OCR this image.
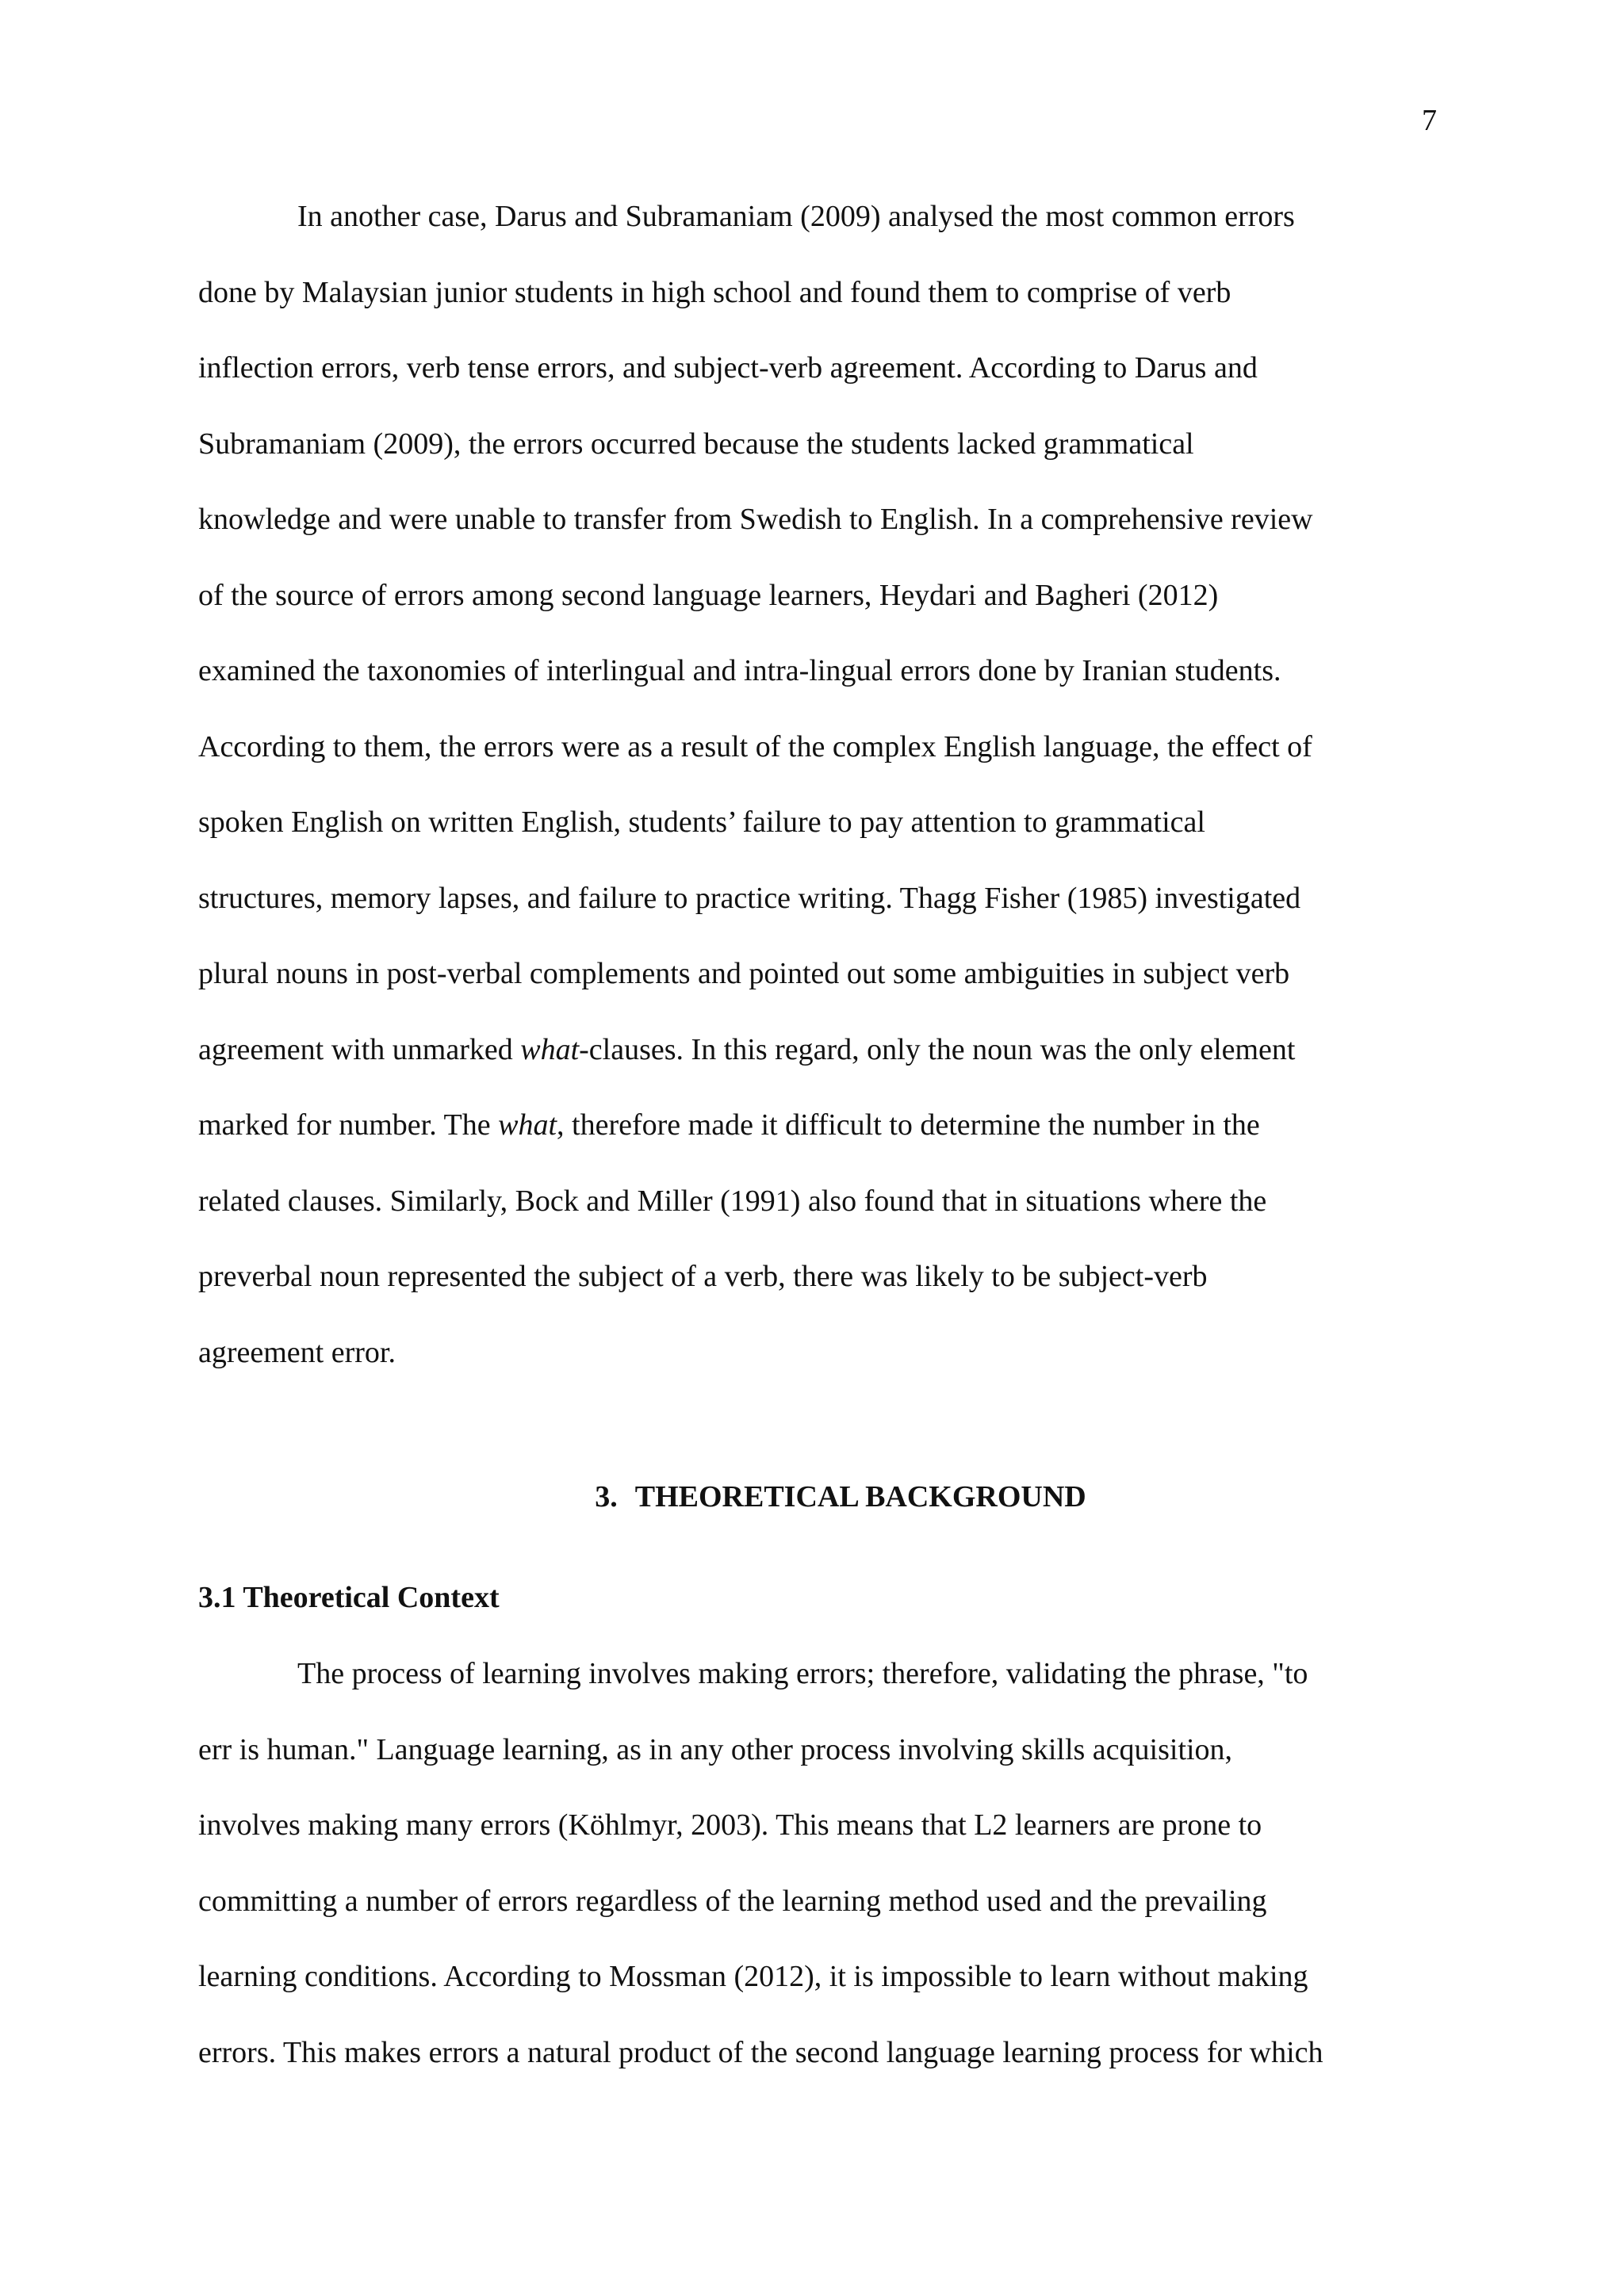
7
In another case, Darus and Subramaniam (2009) analysed the most common errors
done by Malaysian junior students in high school and found them to comprise of verb
inflection errors, verb tense errors, and subject-verb agreement. According to Darus and
Subramaniam (2009), the errors occurred because the students lacked grammatical
knowledge and were unable to transfer from Swedish to English. In a comprehensive review
of the source of errors among second language learners, Heydari and Bagheri (2012)
examined the taxonomies of interlingual and intra-lingual errors done by Iranian students.
According to them, the errors were as a result of the complex English language, the effect of
spoken English on written English, students’ failure to pay attention to grammatical
structures, memory lapses, and failure to practice writing. Thagg Fisher (1985) investigated
plural nouns in post-verbal complements and pointed out some ambiguities in subject verb
agreement with unmarked what-clauses. In this regard, only the noun was the only element
marked for number. The what, therefore made it difficult to determine the number in the
related clauses. Similarly, Bock and Miller (1991) also found that in situations where the
preverbal noun represented the subject of a verb, there was likely to be subject-verb
agreement error.
3. THEORETICAL BACKGROUND
3.1 Theoretical Context
The process of learning involves making errors; therefore, validating the phrase, "to
err is human." Language learning, as in any other process involving skills acquisition,
involves making many errors (Köhlmyr, 2003). This means that L2 learners are prone to
committing a number of errors regardless of the learning method used and the prevailing
learning conditions. According to Mossman (2012), it is impossible to learn without making
errors. This makes errors a natural product of the second language learning process for which
